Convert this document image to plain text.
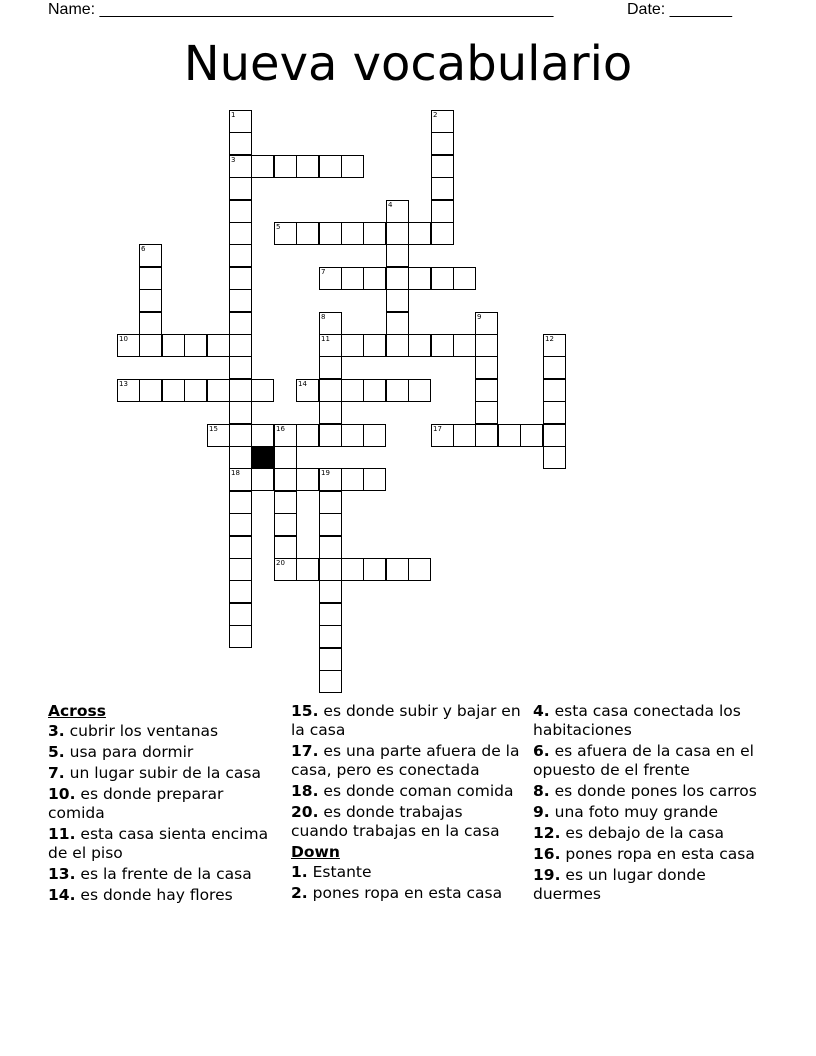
Name: ___________________________________________________	Date: _______
Nueva vocabulario
3
5
7
10	11
13	14
15	16	17
18	19
20
1	2
4
6
8	9
12
Across
3. cubrir los ventanas
5. usa para dormir
7. un lugar subir de la casa
10. es donde preparar comida
11. esta casa sienta encima de el piso
13. es la frente de la casa
14. es donde hay flores
15. es donde subir y bajar en la casa
17. es una parte afuera de la casa, pero es conectada
18. es donde coman comida
20. es donde trabajas cuando trabajas en la casa
Down
1. Estante
2. pones ropa en esta casa
4. esta casa conectada los habitaciones
6. es afuera de la casa en el opuesto de el frente
8. es donde pones los carros
9. una foto muy grande
12. es debajo de la casa
16. pones ropa en esta casa
19. es un lugar donde duermes
